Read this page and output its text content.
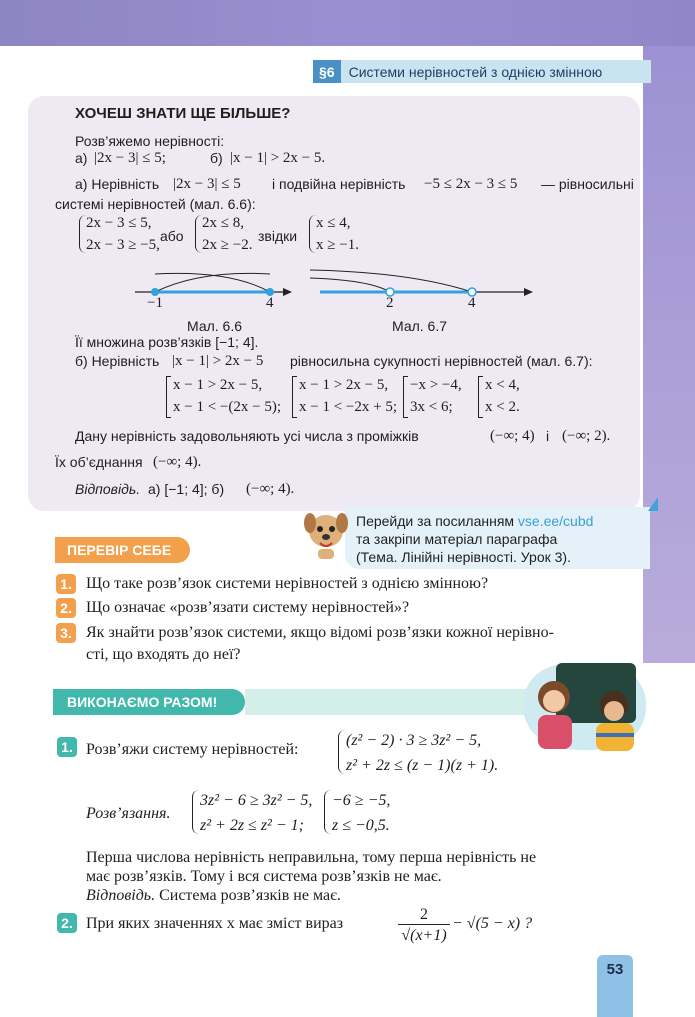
§6	Системи нерівностей з однією змінною
ХОЧЕШ ЗНАТИ ЩЕ БІЛЬШЕ?
Розв’яжемо нерівності:
а) |2x − 3| ≤ 5;	б) |x − 1| > 2x − 5.
а) Нерівність |2x − 3| ≤ 5 і подвійна нерівність −5 ≤ 2x − 3 ≤ 5 — рівносильні
системі нерівностей (мал. 6.6):
2x − 3 ≤ 5,
2x − 3 ≥ −5,
або
2x ≤ 8,
2x ≥ −2.
звідки
x ≤ 4,
x ≥ −1.
−1	4	2	4
Мал. 6.6	Мал. 6.7
Її множина розв’язків [−1; 4].
б) Нерівність |x − 1| > 2x − 5 рівносильна сукупності нерівностей (мал. 6.7):
x − 1 > 2x − 5,
x − 1 < −(2x − 5);
x − 1 > 2x − 5,
x − 1 < −2x + 5;
−x > −4,
3x < 6;
x < 4,
x < 2.
Дану нерівність задовольняють усі числа з проміжків	(−∞; 4) і (−∞; 2).
Їх об’єднання (−∞; 4).
Відповідь. а) [−1; 4]; б) (−∞; 4).
Перейди за посиланням vse.ee/cubd
та закріпи матеріал параграфа
(Тема. Лінійні нерівності. Урок 3).
ПЕРЕВІР СЕБЕ
1. Що таке розв’язок системи нерівностей з однією змінною?
2. Що означає «розв’язати систему нерівностей»?
3. Як знайти розв’язок системи, якщо відомі розв’язки кожної нерівно-
сті, що входять до неї?
ВИКОНАЄМО РАЗОМ!
1. Розв’яжи систему нерівностей:
(z² − 2) · 3 ≥ 3z² − 5,
z² + 2z ≤ (z − 1)(z + 1).
Розв’язання.
3z² − 6 ≥ 3z² − 5,
z² + 2z ≤ z² − 1;
−6 ≥ −5,
z ≤ −0,5.
Перша числова нерівність неправильна, тому перша нерівність не
має розв’язків. Тому і вся система розв’язків не має.
Відповідь. Система розв’язків не має.
2. При яких значеннях x має зміст вираз
2
√(x+1)
− √(5 − x) ?
53
